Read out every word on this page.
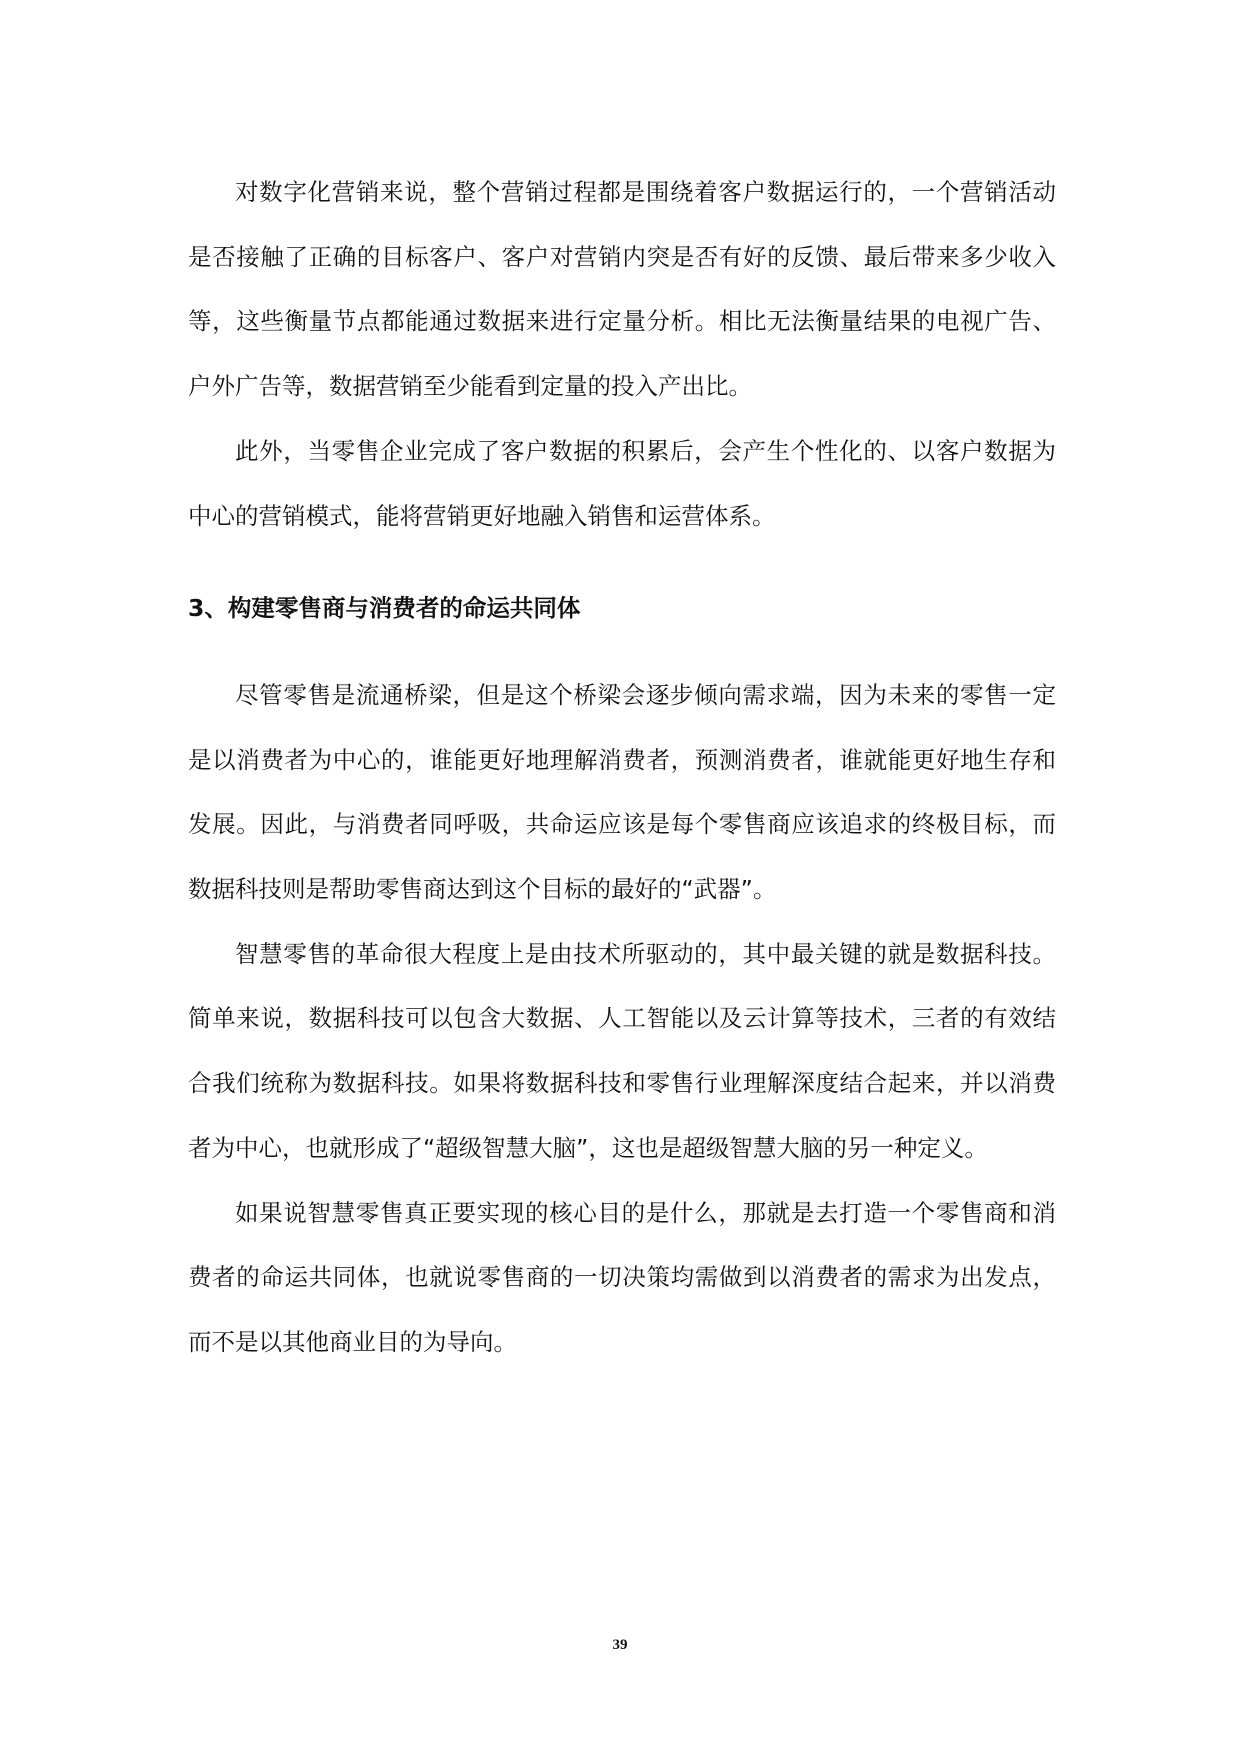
对数字化营销来说，整个营销过程都是围绕着客户数据运行的，一个营销活动是否接触了正确的目标客户、客户对营销内突是否有好的反馈、最后带来多少收入等，这些衡量节点都能通过数据来进行定量分析。相比无法衡量结果的电视广告、户外广告等，数据营销至少能看到定量的投入产出比。

此外，当零售企业完成了客户数据的积累后，会产生个性化的、以客户数据为中心的营销模式，能将营销更好地融入销售和运营体系。

3、构建零售商与消费者的命运共同体

尽管零售是流通桥梁，但是这个桥梁会逐步倾向需求端，因为未来的零售一定是以消费者为中心的，谁能更好地理解消费者，预测消费者，谁就能更好地生存和发展。因此，与消费者同呼吸，共命运应该是每个零售商应该追求的终极目标，而数据科技则是帮助零售商达到这个目标的最好的“武器”。

智慧零售的革命很大程度上是由技术所驱动的，其中最关键的就是数据科技。简单来说，数据科技可以包含大数据、人工智能以及云计算等技术，三者的有效结合我们统称为数据科技。如果将数据科技和零售行业理解深度结合起来，并以消费者为中心，也就形成了“超级智慧大脑”，这也是超级智慧大脑的另一种定义。

如果说智慧零售真正要实现的核心目的是什么，那就是去打造一个零售商和消费者的命运共同体，也就说零售商的一切决策均需做到以消费者的需求为出发点，而不是以其他商业目的为导向。

39
